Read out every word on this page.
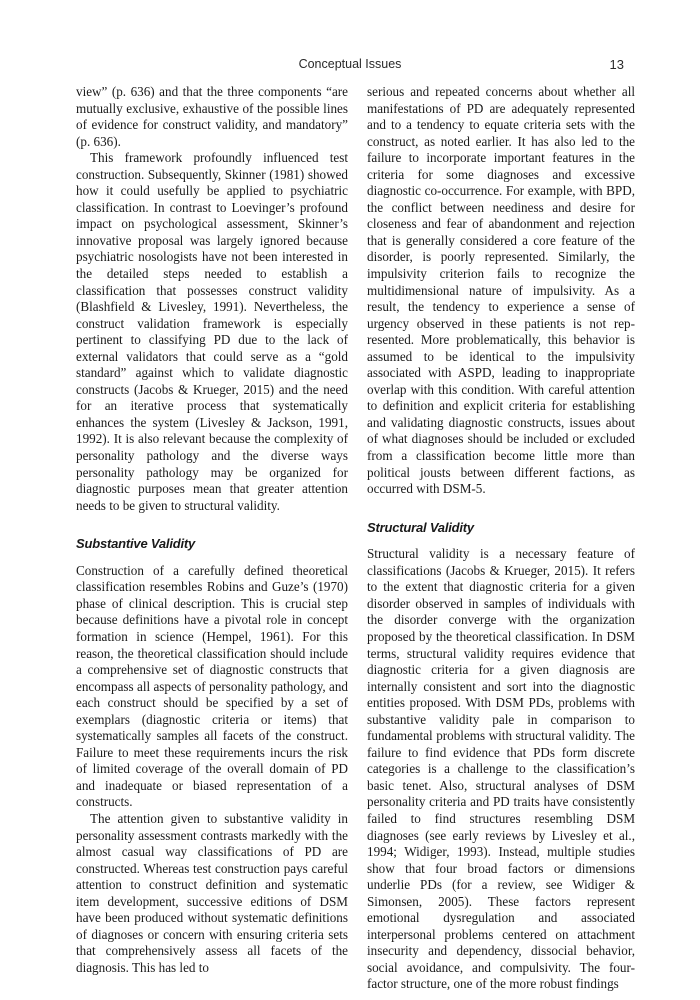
Conceptual Issues	13

view” (p. 636) and that the three components “are mutually exclusive, exhaustive of the possible lines of evidence for construct validity, and mandatory” (p. 636).

This framework profoundly influenced test construction. Subsequently, Skinner (1981) showed how it could usefully be applied to psychiatric classification. In contrast to Loevinger’s profound impact on psychological assessment, Skinner’s innovative proposal was largely ignored because psychiatric nosologists have not been interested in the detailed steps needed to establish a classification that possesses construct validity (Blashfield & Livesley, 1991). Nevertheless, the construct validation framework is especially pertinent to classifying PD due to the lack of external validators that could serve as a “gold standard” against which to validate diagnostic constructs (Jacobs & Krueger, 2015) and the need for an iterative process that systematically enhances the system (Livesley & Jackson, 1991, 1992). It is also relevant because the complexity of personality pathology and the diverse ways personality pathology may be organized for diagnostic purposes mean that greater attention needs to be given to structural validity.

Substantive Validity

Construction of a carefully defined theoretical classification resembles Robins and Guze’s (1970) phase of clinical description. This is crucial step because definitions have a pivotal role in concept formation in science (Hempel, 1961). For this reason, the theoretical classification should include a comprehensive set of diagnostic constructs that encompass all aspects of personality pathology, and each construct should be specified by a set of exemplars (diagnostic criteria or items) that systematically samples all facets of the construct. Failure to meet these requirements incurs the risk of limited coverage of the overall domain of PD and inadequate or biased representation of a constructs.

The attention given to substantive validity in personality assessment contrasts markedly with the almost casual way classifications of PD are constructed. Whereas test construction pays careful attention to construct definition and systematic item development, successive editions of DSM have been produced without systematic definitions of diagnoses or concern with ensuring criteria sets that comprehensively assess all facets of the diagnosis. This has led to

serious and repeated concerns about whether all manifestations of PD are adequately represented and to a tendency to equate criteria sets with the construct, as noted earlier. It has also led to the failure to incorporate important features in the criteria for some diagnoses and excessive diagnostic co-occurrence. For example, with BPD, the conflict between neediness and desire for closeness and fear of abandonment and rejection that is generally considered a core feature of the disorder, is poorly represented. Similarly, the impulsivity criterion fails to recognize the multidimensional nature of impulsivity. As a result, the tendency to experience a sense of urgency observed in these patients is not represented. More problematically, this behavior is assumed to be identical to the impulsivity associated with ASPD, leading to inappropriate overlap with this condition. With careful attention to definition and explicit criteria for establishing and validating diagnostic constructs, issues about of what diagnoses should be included or excluded from a classification become little more than political jousts between different factions, as occurred with DSM-5.

Structural Validity

Structural validity is a necessary feature of classifications (Jacobs & Krueger, 2015). It refers to the extent that diagnostic criteria for a given disorder observed in samples of individuals with the disorder converge with the organization proposed by the theoretical classification. In DSM terms, structural validity requires evidence that diagnostic criteria for a given diagnosis are internally consistent and sort into the diagnostic entities proposed. With DSM PDs, problems with substantive validity pale in comparison to fundamental problems with structural validity. The failure to find evidence that PDs form discrete categories is a challenge to the classification’s basic tenet. Also, structural analyses of DSM personality criteria and PD traits have consistently failed to find structures resembling DSM diagnoses (see early reviews by Livesley et al., 1994; Widiger, 1993). Instead, multiple studies show that four broad factors or dimensions underlie PDs (for a review, see Widiger & Simonsen, 2005). These factors represent emotional dysregulation and associated interpersonal problems centered on attachment insecurity and dependency, dissocial behavior, social avoidance, and compulsivity. The four-factor structure, one of the more robust findings
